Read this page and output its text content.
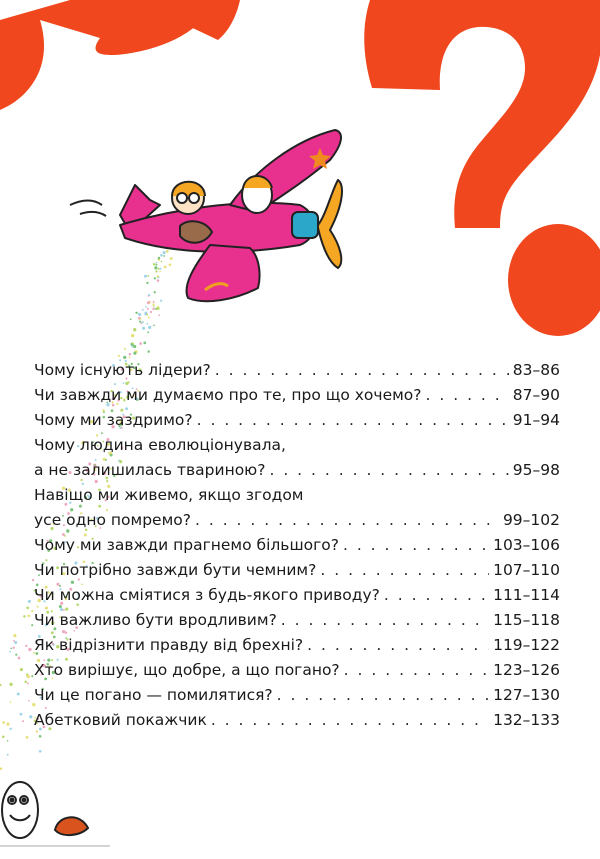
Чому існують лідери? . . .	83–86
Чи завжди ми думаємо про те, про що хочемо? . . .	87–90
Чому ми заздримо? . . .	91–94
Чому людина еволюціонувала,
а не залишилась твариною? . . .	95–98
Навіщо ми живемо, якщо згодом
усе одно помремо? . . .	99–102
Чому ми завжди прагнемо більшого? . . .	103–106
Чи потрібно завжди бути чемним? . . .	107–110
Чи можна сміятися з будь-якого приводу? . . .	111–114
Чи важливо бути вродливим? . . .	115–118
Як відрізнити правду від брехні? . . .	119–122
Хто вирішує, що добре, а що погано? . . .	123–126
Чи це погано — помилятися? . . .	127–130
Абетковий покажчик . . .	132–133
